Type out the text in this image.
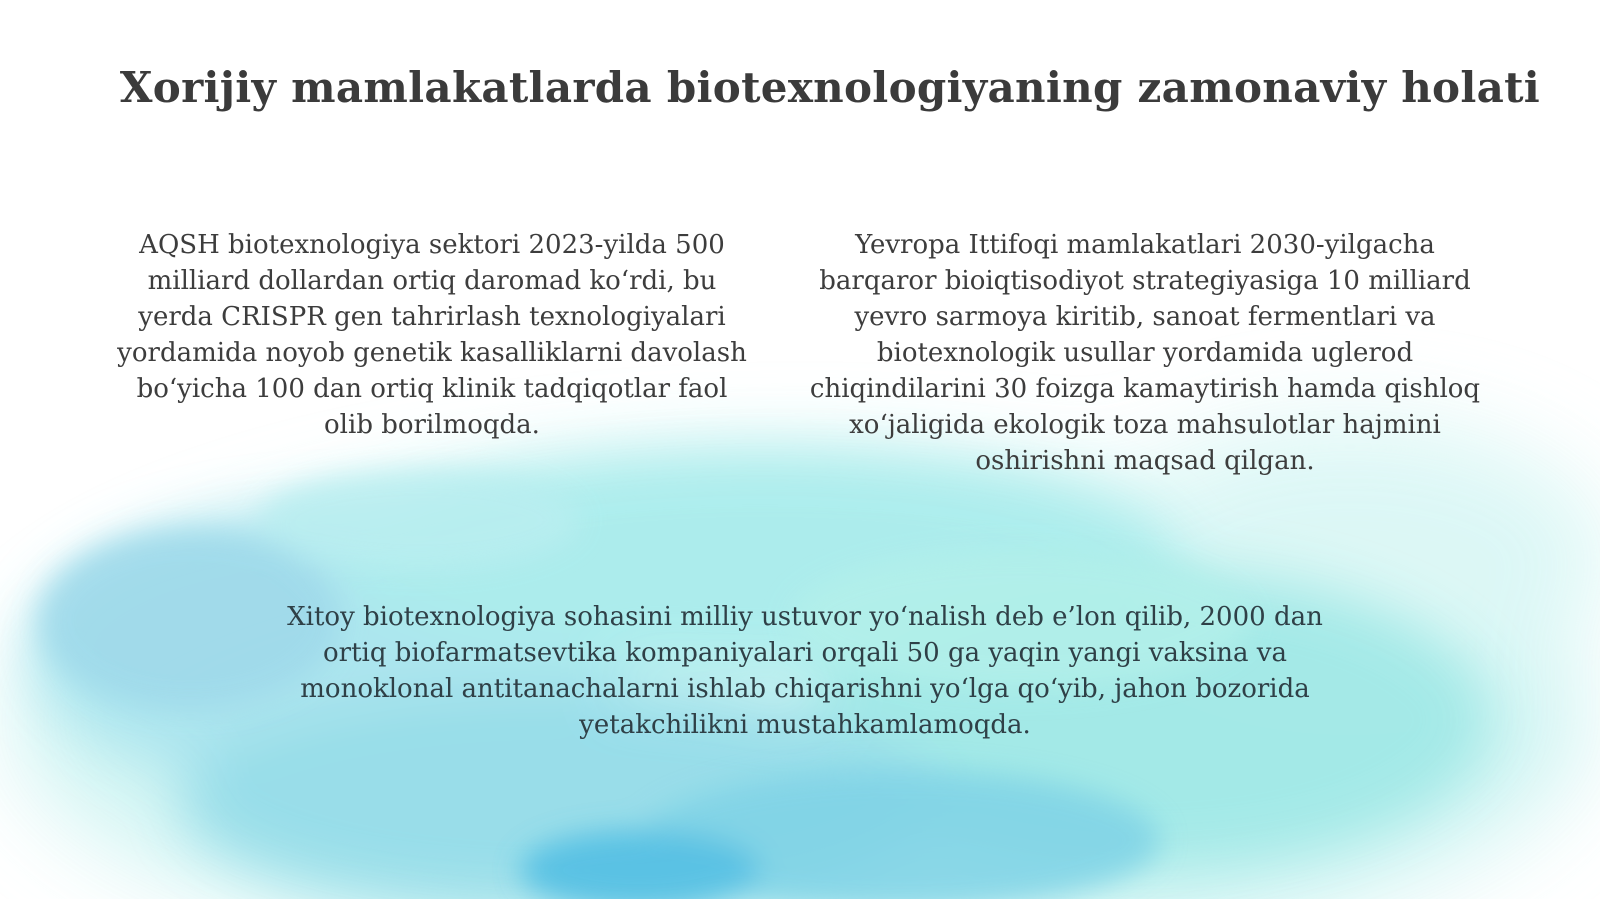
Xorijiy mamlakatlarda biotexnologiyaning zamonaviy holati

AQSH biotexnologiya sektori 2023-yilda 500 milliard dollardan ortiq daromad ko‘rdi, bu yerda CRISPR gen tahrirlash texnologiyalari yordamida noyob genetik kasalliklarni davolash bo‘yicha 100 dan ortiq klinik tadqiqotlar faol olib borilmoqda.

Yevropa Ittifoqi mamlakatlari 2030-yilgacha barqaror bioiqtisodiyot strategiyasiga 10 milliard yevro sarmoya kiritib, sanoat fermentlari va biotexnologik usullar yordamida uglerod chiqindilarini 30 foizga kamaytirish hamda qishloq xo‘jaligida ekologik toza mahsulotlar hajmini oshirishni maqsad qilgan.

Xitoy biotexnologiya sohasini milliy ustuvor yo‘nalish deb e’lon qilib, 2000 dan ortiq biofarmatsevtika kompaniyalari orqali 50 ga yaqin yangi vaksina va monoklonal antitanachalarni ishlab chiqarishni yo‘lga qo‘yib, jahon bozorida yetakchilikni mustahkamlamoqda.
